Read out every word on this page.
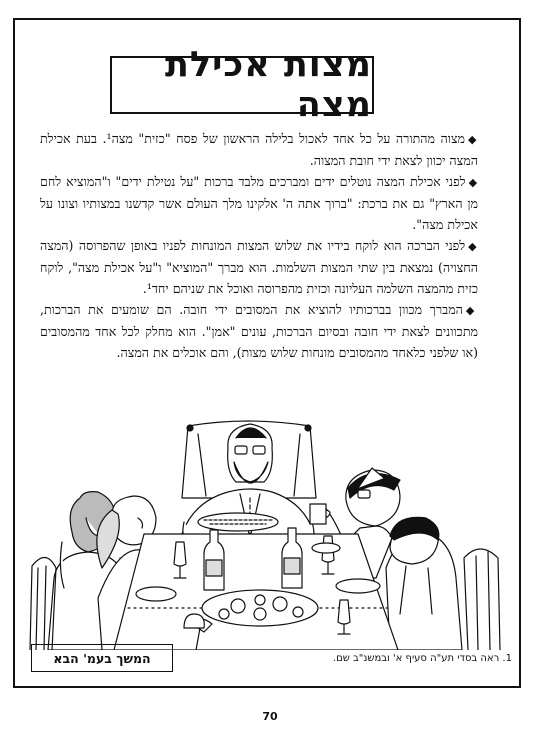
מצות אכילת מצה

◆מצוה מהתורה על כל אחד לאכול בלילה הראשון של פסח "כזית" מצה¹. בעת אכילת המצה יכוון לצאת ידי חובת המצוה.

◆לפני אכילת המצה נוטלים ידים ומברכים מלבד ברכות "על נטילת ידים" ו"המוציא לחם מן הארץ" גם את ברכת: "ברוך אתה ה' אלקינו מלך העולם אשר קדשנו במצותיו וצונו על אכילת מצה".

◆לפני הברכה הוא לוקח בידיו את שלוש המצות המונחות לפניו באופן שהפרוסה (המצה החצויה) נמצאת בין שתי המצות השלמות. הוא מברך "המוציא" ו"על אכילת מצה", לוקח כזית מהמצה השלמה העליונה וכזית מהפרוסה ואוכל את שניהם יחד¹.

◆המברך מכוון בברכותיו להוציא את המסובים ידי חובה. הם שומעים את הברכות, מתכוונים לצאת ידי חובה ובסיום הברכות, עונים "אמן". הוא מחלק לכל אחד מהמסובים (או שלפני כלאחד מהמסובים מונחות שלוש מצות), והם אוכלים את המצה.

המשך בעמ' הבא	1. ראה בסדי תע"ה סעיף א' ובמשנ"ב שם.
70
